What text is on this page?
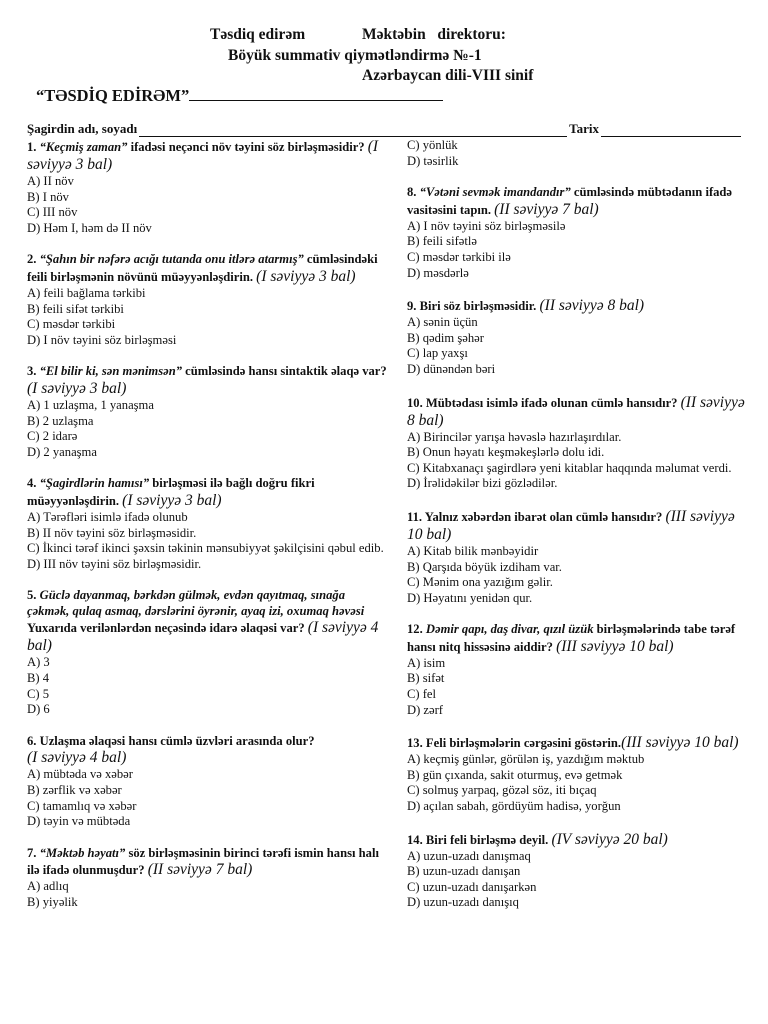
Təsdiq edirəm	Məktəbin   direktoru:
Böyük summativ qiymətləndirmə №-1
Azərbaycan dili-VIII sinif
“TƏSDİQ EDİRƏM”
Şagirdin adı, soyadı	Tarix
1. “Keçmiş zaman” ifadəsi neçənci növ təyini söz birləşməsidir? (I səviyyə 3 bal)
A) II növ
B) I növ
C) III növ
D) Həm I, həm də II növ
2. “Şahın bir nəfərə acığı tutanda onu itlərə atarmış” cümləsindəki feili birləşmənin növünü müəyyənləşdirin. (I səviyyə 3 bal)
A) feili bağlama tərkibi
B) feili sifət tərkibi
C) məsdər tərkibi
D) I növ təyini söz birləşməsi
3. “El bilir ki, sən mənimsən” cümləsində hansı sintaktik əlaqə var? (I səviyyə 3 bal)
A) 1 uzlaşma, 1 yanaşma
B) 2 uzlaşma
C) 2 idarə
D) 2 yanaşma
4. “Şagirdlərin hamısı” birləşməsi ilə bağlı doğru fikri müəyyənləşdirin. (I səviyyə 3 bal)
A) Tərəfləri isimlə ifadə olunub
B) II növ təyini söz birləşməsidir.
C) İkinci tərəf ikinci şəxsin təkinin mənsubiyyət şəkilçisini qəbul edib.
D) III növ təyini söz birləşməsidir.
5. Güclə dayanmaq, bərkdən gülmək, evdən qayıtmaq, sınağa çəkmək, qulaq asmaq, dərslərini öyrənir, ayaq izi, oxumaq həvəsi
Yuxarıda verilənlərdən neçəsində idarə əlaqəsi var? (I səviyyə 4 bal)
A) 3
B) 4
C) 5
D) 6
6. Uzlaşma əlaqəsi hansı cümlə üzvləri arasında olur?
(I səviyyə 4 bal)
A) mübtəda və xəbər
B) zərflik və xəbər
C) tamamlıq və xəbər
D) təyin və mübtəda
7. “Məktəb həyatı” söz birləşməsinin birinci tərəfi ismin hansı halı ilə ifadə olunmuşdur? (II səviyyə 7 bal)
A) adlıq
B) yiyəlik
C) yönlük
D) təsirlik
8. “Vətəni sevmək imandandır” cümləsində mübtədanın ifadə vasitəsini tapın. (II səviyyə 7 bal)
A) I növ təyini söz birləşməsilə
B) feili sifətlə
C) məsdər tərkibi ilə
D) məsdərlə
9. Biri söz birləşməsidir. (II səviyyə 8 bal)
A) sənin üçün
B) qədim şəhər
C) lap yaxşı
D) dünəndən bəri
10. Mübtədası isimlə ifadə olunan cümlə hansıdır? (II səviyyə 8 bal)
A) Birincilər yarışa həvəslə hazırlaşırdılar.
B) Onun həyatı keşməkeşlərlə dolu idi.
C) Kitabxanaçı şagirdlərə yeni kitablar haqqında məlumat verdi.
D) İrəlidəkilər bizi gözlədilər.
11. Yalnız xəbərdən ibarət olan cümlə hansıdır? (III səviyyə 10 bal)
A) Kitab bilik mənbəyidir
B) Qarşıda böyük izdiham var.
C) Mənim ona yazığım gəlir.
D) Həyatını yenidən qur.
12. Dəmir qapı, daş divar, qızıl üzük birləşmələrində tabe tərəf hansı nitq hissəsinə aiddir? (III səviyyə 10 bal)
A) isim
B) sifət
C) fel
D) zərf
13. Feli birləşmələrin cərgəsini göstərin.(III səviyyə 10 bal)
A) keçmiş günlər, görülən iş, yazdığım məktub
B) gün çıxanda, sakit oturmuş, evə getmək
C) solmuş yarpaq, gözəl söz, iti bıçaq
D) açılan sabah, gördüyüm hadisə, yorğun
14. Biri feli birləşmə deyil. (IV səviyyə 20 bal)
A) uzun-uzadı danışmaq
B) uzun-uzadı danışan
C) uzun-uzadı danışarkən
D) uzun-uzadı danışıq
